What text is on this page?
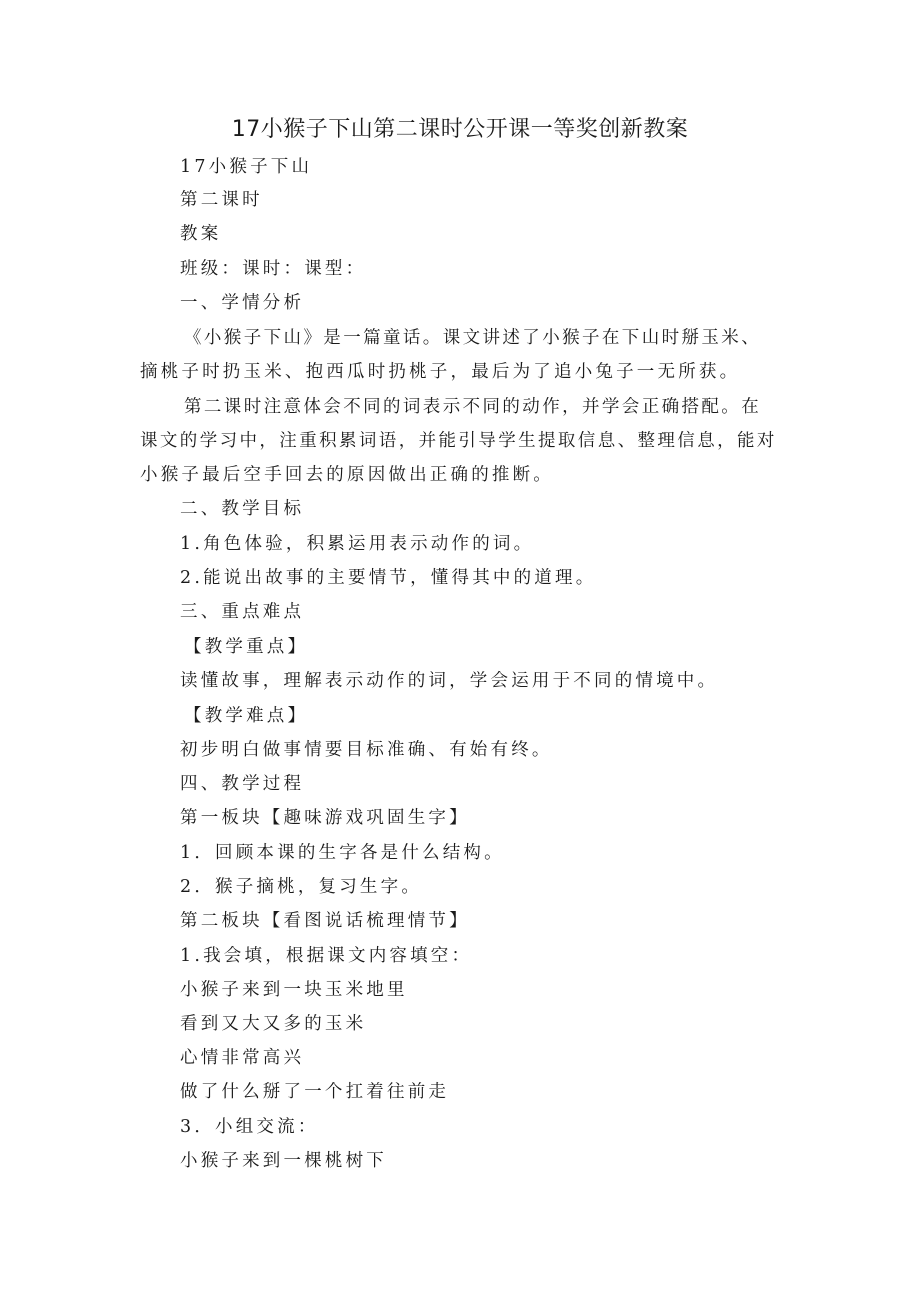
17小猴子下山第二课时公开课一等奖创新教案
17小猴子下山
第二课时
教案
班级：课时：课型：
一、学情分析
《小猴子下山》是一篇童话。课文讲述了小猴子在下山时掰玉米、
摘桃子时扔玉米、抱西瓜时扔桃子，最后为了追小兔子一无所获。
第二课时注意体会不同的词表示不同的动作，并学会正确搭配。在
课文的学习中，注重积累词语，并能引导学生提取信息、整理信息，能对
小猴子最后空手回去的原因做出正确的推断。
二、教学目标
1.角色体验，积累运用表示动作的词。
2.能说出故事的主要情节，懂得其中的道理。
三、重点难点
【教学重点】
读懂故事，理解表示动作的词，学会运用于不同的情境中。
【教学难点】
初步明白做事情要目标准确、有始有终。
四、教学过程
第一板块【趣味游戏巩固生字】
1．回顾本课的生字各是什么结构。
2．猴子摘桃，复习生字。
第二板块【看图说话梳理情节】
1.我会填，根据课文内容填空：
小猴子来到一块玉米地里
看到又大又多的玉米
心情非常高兴
做了什么掰了一个扛着往前走
3．小组交流：
小猴子来到一棵桃树下
